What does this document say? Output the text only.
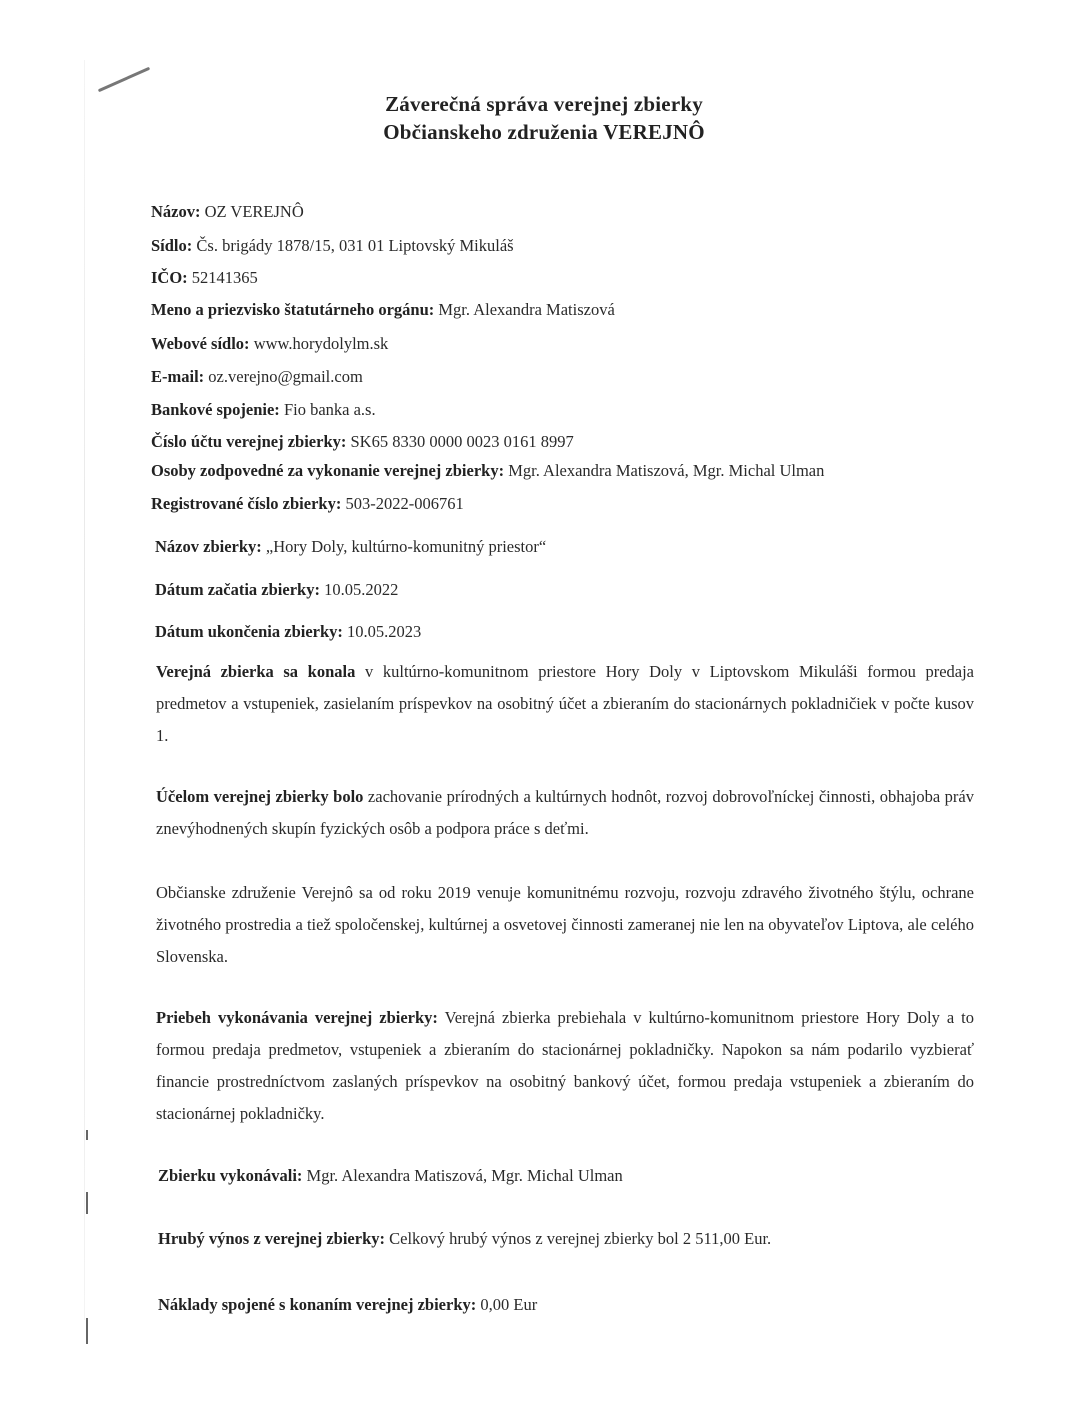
Záverečná správa verejnej zbierky
Občianskeho združenia VEREJNÔ
Názov: OZ VEREJNÔ
Sídlo: Čs. brigády 1878/15, 031 01 Liptovský Mikuláš
IČO: 52141365
Meno a priezvisko štatutárneho orgánu: Mgr. Alexandra Matiszová
Webové sídlo: www.horydolylm.sk
E-mail: oz.verejno@gmail.com
Bankové spojenie: Fio banka a.s.
Číslo účtu verejnej zbierky: SK65 8330 0000 0023 0161 8997
Osoby zodpovedné za vykonanie verejnej zbierky: Mgr. Alexandra Matiszová, Mgr. Michal Ulman
Registrované číslo zbierky: 503-2022-006761
Názov zbierky: „Hory Doly, kultúrno-komunitný priestor“
Dátum začatia zbierky: 10.05.2022
Dátum ukončenia zbierky: 10.05.2023
Verejná zbierka sa konala v kultúrno-komunitnom priestore Hory Doly v Liptovskom Mikuláši formou predaja predmetov a vstupeniek, zasielaním príspevkov na osobitný účet a zbieraním do stacionárnych pokladničiek v počte kusov 1.
Účelom verejnej zbierky bolo zachovanie prírodných a kultúrnych hodnôt, rozvoj dobrovoľníckej činnosti, obhajoba práv znevýhodnených skupín fyzických osôb a podpora práce s deťmi.
Občianske združenie Verejnô sa od roku 2019 venuje komunitnému rozvoju, rozvoju zdravého životného štýlu, ochrane životného prostredia a tiež spoločenskej, kultúrnej a osvetovej činnosti zameranej nie len na obyvateľov Liptova, ale celého Slovenska.
Priebeh vykonávania verejnej zbierky: Verejná zbierka prebiehala v kultúrno-komunitnom priestore Hory Doly a to formou predaja predmetov, vstupeniek a zbieraním do stacionárnej pokladničky. Napokon sa nám podarilo vyzbierať financie prostredníctvom zaslaných príspevkov na osobitný bankový účet, formou predaja vstupeniek a zbieraním do stacionárnej pokladničky.
Zbierku vykonávali: Mgr. Alexandra Matiszová, Mgr. Michal Ulman
Hrubý výnos z verejnej zbierky: Celkový hrubý výnos z verejnej zbierky bol 2 511,00 Eur.
Náklady spojené s konaním verejnej zbierky: 0,00 Eur
